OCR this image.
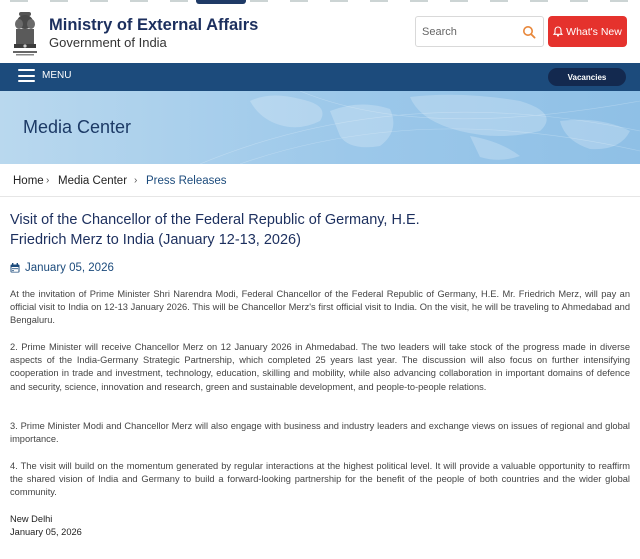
Ministry of External Affairs
Government of India
Search
What's New
MENU	Vacancies
Media Center
Home › Media Center › Press Releases
Visit of the Chancellor of the Federal Republic of Germany, H.E.
Friedrich Merz to India (January 12-13, 2026)
January 05, 2026

At the invitation of Prime Minister Shri Narendra Modi, Federal Chancellor of the Federal Republic of Germany, H.E. Mr. Friedrich Merz, will pay an official visit to India on 12-13 January 2026. This will be Chancellor Merz's first official visit to India. On the visit, he will be traveling to Ahmedabad and Bengaluru.

2. Prime Minister will receive Chancellor Merz on 12 January 2026 in Ahmedabad. The two leaders will take stock of the progress made in diverse aspects of the India-Germany Strategic Partnership, which completed 25 years last year. The discussion will also focus on further intensifying cooperation in trade and investment, technology, education, skilling and mobility, while also advancing collaboration in important domains of defence and security, science, innovation and research, green and sustainable development, and people-to-people relations.

3. Prime Minister Modi and Chancellor Merz will also engage with business and industry leaders and exchange views on issues of regional and global importance.

4. The visit will build on the momentum generated by regular interactions at the highest political level. It will provide a valuable opportunity to reaffirm the shared vision of India and Germany to build a forward-looking partnership for the benefit of the people of both countries and the wider global community.

New Delhi
January 05, 2026
